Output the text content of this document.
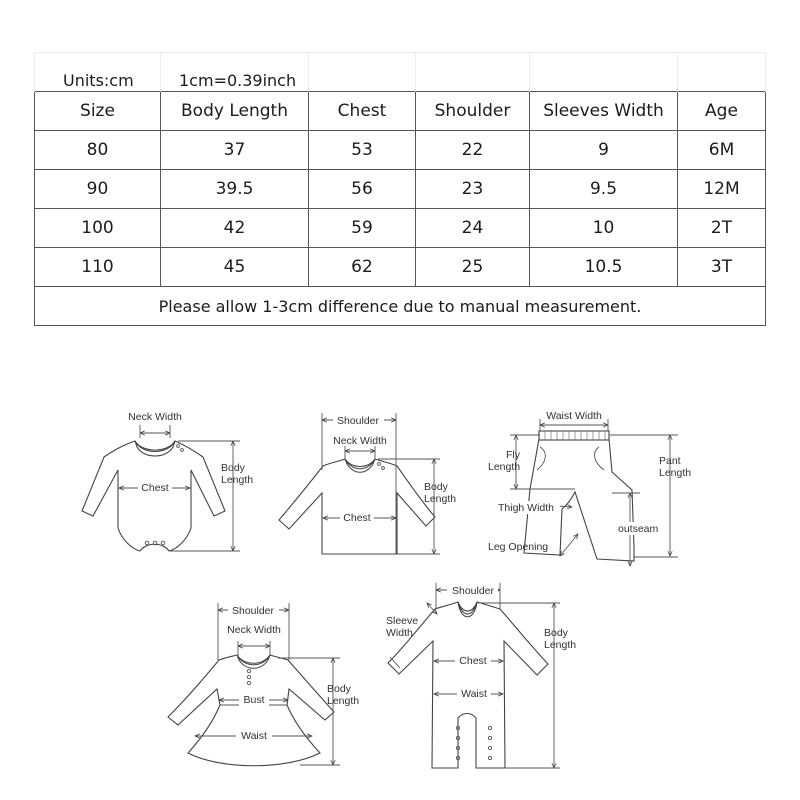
Units:cm	1cm=0.39inch				
Size	Body Length	Chest	Shoulder	Sleeves Width	Age
80	37	53	22	9	6M
90	39.5	56	23	9.5	12M
100	42	59	24	10	2T
110	45	62	25	10.5	3T
Please allow 1-3cm difference due to manual measurement.					
Neck Width
Chest
Body
Length
Shoulder
Neck Width
Chest
Body
Length
Waist Width
Fly
Length
Thigh Width
Leg Opening
outseam
Pant
Length
Shoulder
Neck Width
Bust
Waist
Body
Length
Shoulder
Sleeve
Width
Chest
Waist
Body
Length
